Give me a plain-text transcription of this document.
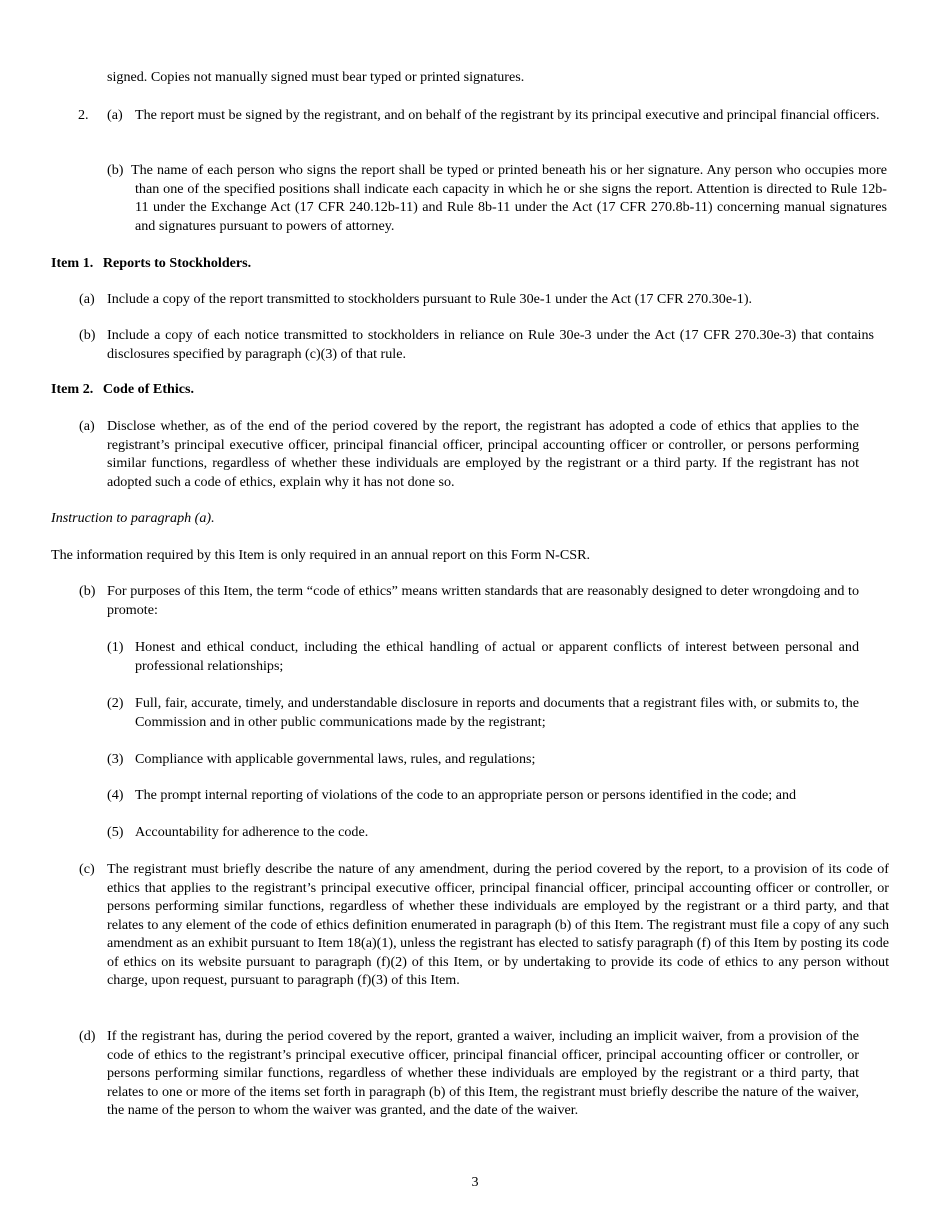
signed. Copies not manually signed must bear typed or printed signatures.

2. (a) The report must be signed by the registrant, and on behalf of the registrant by its principal executive and principal financial officers.
(b) The name of each person who signs the report shall be typed or printed beneath his or her signature. Any person who occupies more than one of the specified positions shall indicate each capacity in which he or she signs the report. Attention is directed to Rule 12b-11 under the Exchange Act (17 CFR 240.12b-11) and Rule 8b-11 under the Act (17 CFR 270.8b-11) concerning manual signatures and signatures pursuant to powers of attorney.
Item 1. Reports to Stockholders.
(a) Include a copy of the report transmitted to stockholders pursuant to Rule 30e-1 under the Act (17 CFR 270.30e-1).
(b) Include a copy of each notice transmitted to stockholders in reliance on Rule 30e-3 under the Act (17 CFR 270.30e-3) that contains disclosures specified by paragraph (c)(3) of that rule.
Item 2. Code of Ethics.
(a) Disclose whether, as of the end of the period covered by the report, the registrant has adopted a code of ethics that applies to the registrant’s principal executive officer, principal financial officer, principal accounting officer or controller, or persons performing similar functions, regardless of whether these individuals are employed by the registrant or a third party. If the registrant has not adopted such a code of ethics, explain why it has not done so.

Instruction to paragraph (a).

The information required by this Item is only required in an annual report on this Form N-CSR.

(b) For purposes of this Item, the term “code of ethics” means written standards that are reasonably designed to deter wrongdoing and to promote:
(1) Honest and ethical conduct, including the ethical handling of actual or apparent conflicts of interest between personal and professional relationships;
(2) Full, fair, accurate, timely, and understandable disclosure in reports and documents that a registrant files with, or submits to, the Commission and in other public communications made by the registrant;
(3) Compliance with applicable governmental laws, rules, and regulations;
(4) The prompt internal reporting of violations of the code to an appropriate person or persons identified in the code; and
(5) Accountability for adherence to the code.
(c) The registrant must briefly describe the nature of any amendment, during the period covered by the report, to a provision of its code of ethics that applies to the registrant’s principal executive officer, principal financial officer, principal accounting officer or controller, or persons performing similar functions, regardless of whether these individuals are employed by the registrant or a third party, and that relates to any element of the code of ethics definition enumerated in paragraph (b) of this Item. The registrant must file a copy of any such amendment as an exhibit pursuant to Item 18(a)(1), unless the registrant has elected to satisfy paragraph (f) of this Item by posting its code of ethics on its website pursuant to paragraph (f)(2) of this Item, or by undertaking to provide its code of ethics to any person without charge, upon request, pursuant to paragraph (f)(3) of this Item.
(d) If the registrant has, during the period covered by the report, granted a waiver, including an implicit waiver, from a provision of the code of ethics to the registrant’s principal executive officer, principal financial officer, principal accounting officer or controller, or persons performing similar functions, regardless of whether these individuals are employed by the registrant or a third party, that relates to one or more of the items set forth in paragraph (b) of this Item, the registrant must briefly describe the nature of the waiver, the name of the person to whom the waiver was granted, and the date of the waiver.
3
